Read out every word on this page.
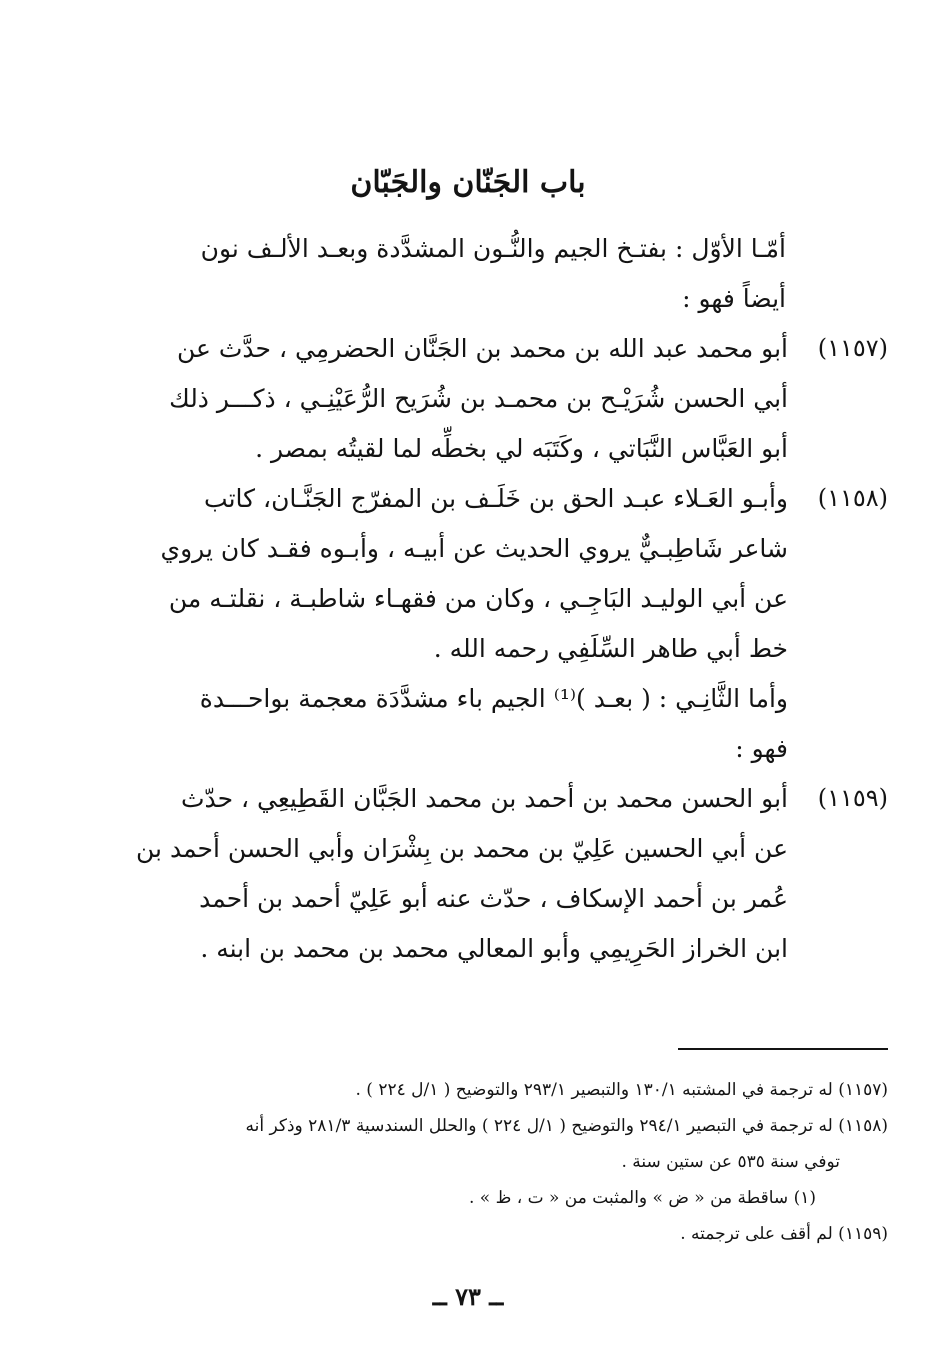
باب الجَنّان والجَبّان
أمّـا الأوّل : بفتـخ الجيم والنُّـون المشدَّدة وبعـد الألـف نون
أيضاً فهو :
(١١٥٧)
أبو محمد عبد الله بن محمد بن الجَنَّان الحضرمِي ، حدَّث عن
أبي الحسن شُرَيْـح بن محمـد بن شُرَيح الرُّعَيْنِـي ، ذكـــر ذلك
أبو العَبَّاس النَّبَاتي ، وكَتَبَه لي بخطِّه لما لقيتُه بمصر .
(١١٥٨)
وأبـو العَـلاء عبـد الحق بن خَلَـف بن المفرّج الجَنَّـان، كاتب
شاعر شَاطِبـيٌّ يروي الحديث عن أبيـه ، وأبـوه فقـد كان يروي
عن أبي الوليـد البَاجِـي ، وكان من فقهـاء شاطبـة ، نقلتـه من
خط أبي طاهر السِّلَفِي رحمه الله .
وأما الثَّانِـي : ( بعـد )⁽¹⁾ الجيم باء مشدَّدَة معجمة بواحـــدة
فهو :
(١١٥٩)
أبو الحسن محمد بن أحمد بن محمد الجَبَّان القَطِيعِي ، حدّث
عن أبي الحسين عَلِيّ بن محمد بن بِشْرَان وأبي الحسن أحمد بن
عُمر بن أحمد الإسكاف ، حدّث عنه أبو عَلِيّ أحمد بن أحمد
ابن الخراز الحَرِيمِي وأبو المعالي محمد بن محمد بن ابنه .
(١١٥٧) له ترجمة في المشتبه ١٣٠/١ والتبصير ٢٩٣/١ والتوضيح ( ١/ل ٢٢٤ ) .
(١١٥٨) له ترجمة في التبصير ٢٩٤/١ والتوضيح ( ١/ل ٢٢٤ ) والحلل السندسية ٢٨١/٣ وذكر أنه
توفي سنة ٥٣٥ عن ستين سنة .
(١) ساقطة من « ض » والمثبت من « ت ، ظ » .
(١١٥٩) لم أقف على ترجمته .
ــ ٧٣ ــ
